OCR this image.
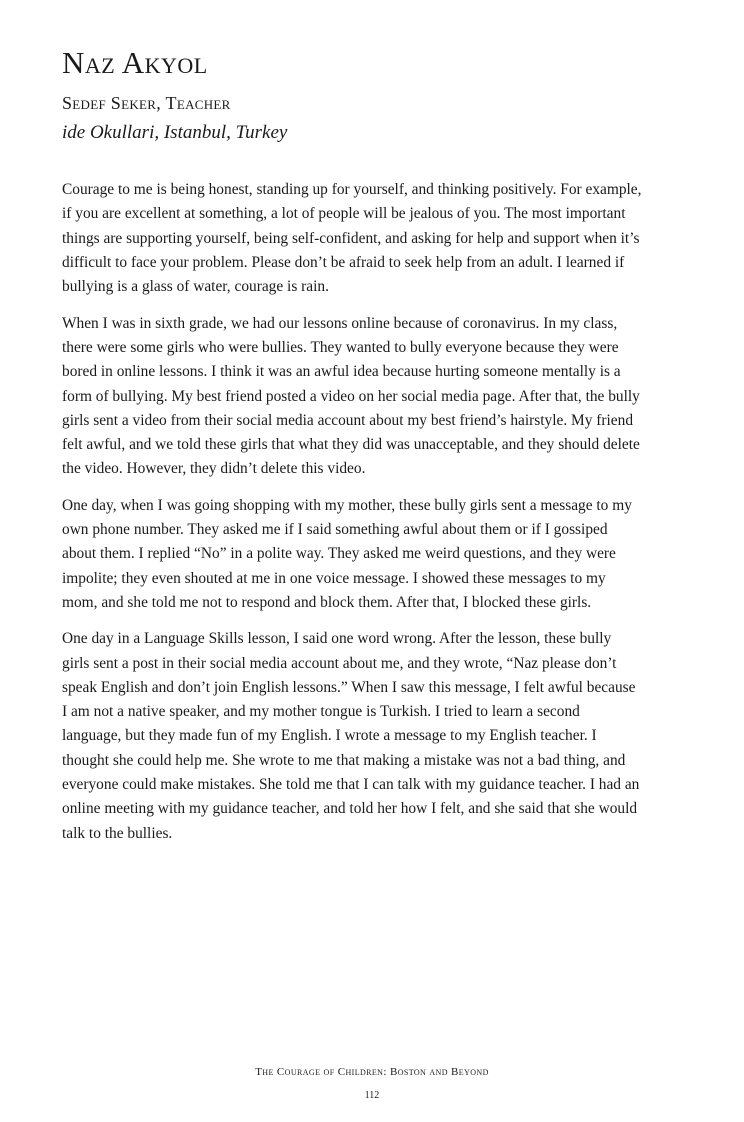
Naz Akyol
Sedef Seker, Teacher
ide Okullari, Istanbul, Turkey

Courage to me is being honest, standing up for yourself, and thinking positively. For example, if you are excellent at something, a lot of people will be jealous of you. The most important things are supporting yourself, being self-confident, and asking for help and support when it’s difficult to face your problem. Please don’t be afraid to seek help from an adult. I learned if bullying is a glass of water, courage is rain.

When I was in sixth grade, we had our lessons online because of coronavirus. In my class, there were some girls who were bullies. They wanted to bully everyone because they were bored in online lessons. I think it was an awful idea because hurting someone mentally is a form of bullying. My best friend posted a video on her social media page. After that, the bully girls sent a video from their social media account about my best friend’s hairstyle. My friend felt awful, and we told these girls that what they did was unacceptable, and they should delete the video. However, they didn’t delete this video.

One day, when I was going shopping with my mother, these bully girls sent a message to my own phone number. They asked me if I said something awful about them or if I gossiped about them. I replied “No” in a polite way. They asked me weird questions, and they were impolite; they even shouted at me in one voice message. I showed these messages to my mom, and she told me not to respond and block them. After that, I blocked these girls.

One day in a Language Skills lesson, I said one word wrong. After the lesson, these bully girls sent a post in their social media account about me, and they wrote, “Naz please don’t speak English and don’t join English lessons.” When I saw this message, I felt awful because I am not a native speaker, and my mother tongue is Turkish. I tried to learn a second language, but they made fun of my English. I wrote a message to my English teacher. I thought she could help me. She wrote to me that making a mistake was not a bad thing, and everyone could make mistakes. She told me that I can talk with my guidance teacher. I had an online meeting with my guidance teacher, and told her how I felt, and she said that she would talk to the bullies.

The Courage of Children: Boston and Beyond
112
